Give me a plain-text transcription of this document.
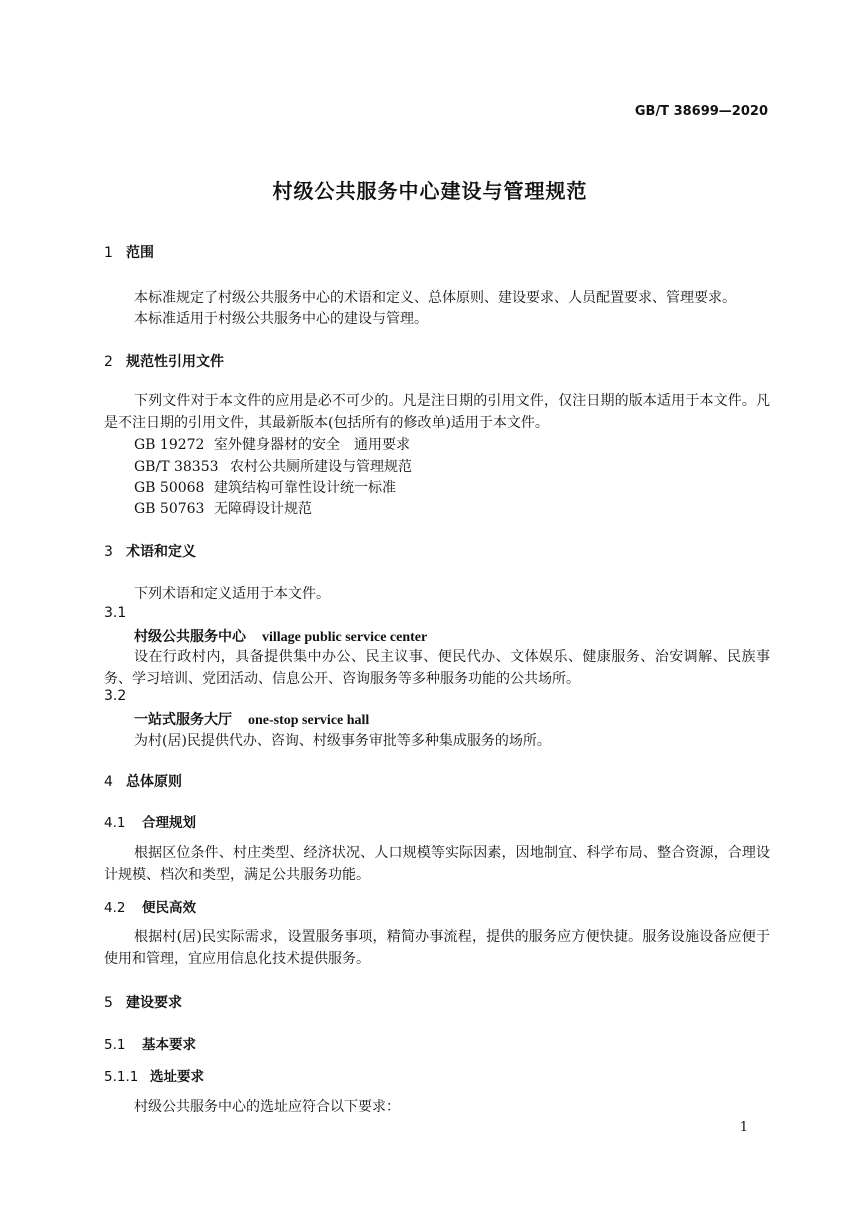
GB/T 38699—2020
村级公共服务中心建设与管理规范
1 范围
本标准规定了村级公共服务中心的术语和定义、总体原则、建设要求、人员配置要求、管理要求。
本标准适用于村级公共服务中心的建设与管理。
2 规范性引用文件
下列文件对于本文件的应用是必不可少的。凡是注日期的引用文件，仅注日期的版本适用于本文件。凡是不注日期的引用文件，其最新版本(包括所有的修改单)适用于本文件。
GB 19272 室外健身器材的安全　通用要求
GB/T 38353 农村公共厕所建设与管理规范
GB 50068 建筑结构可靠性设计统一标准
GB 50763 无障碍设计规范
3 术语和定义
下列术语和定义适用于本文件。
3.1
村级公共服务中心 village public service center
设在行政村内，具备提供集中办公、民主议事、便民代办、文体娱乐、健康服务、治安调解、民族事务、学习培训、党团活动、信息公开、咨询服务等多种服务功能的公共场所。
3.2
一站式服务大厅 one-stop service hall
为村(居)民提供代办、咨询、村级事务审批等多种集成服务的场所。
4 总体原则
4.1 合理规划
根据区位条件、村庄类型、经济状况、人口规模等实际因素，因地制宜、科学布局、整合资源，合理设计规模、档次和类型，满足公共服务功能。
4.2 便民高效
根据村(居)民实际需求，设置服务事项，精简办事流程，提供的服务应方便快捷。服务设施设备应便于使用和管理，宜应用信息化技术提供服务。
5 建设要求
5.1 基本要求
5.1.1 选址要求
村级公共服务中心的选址应符合以下要求：
1
